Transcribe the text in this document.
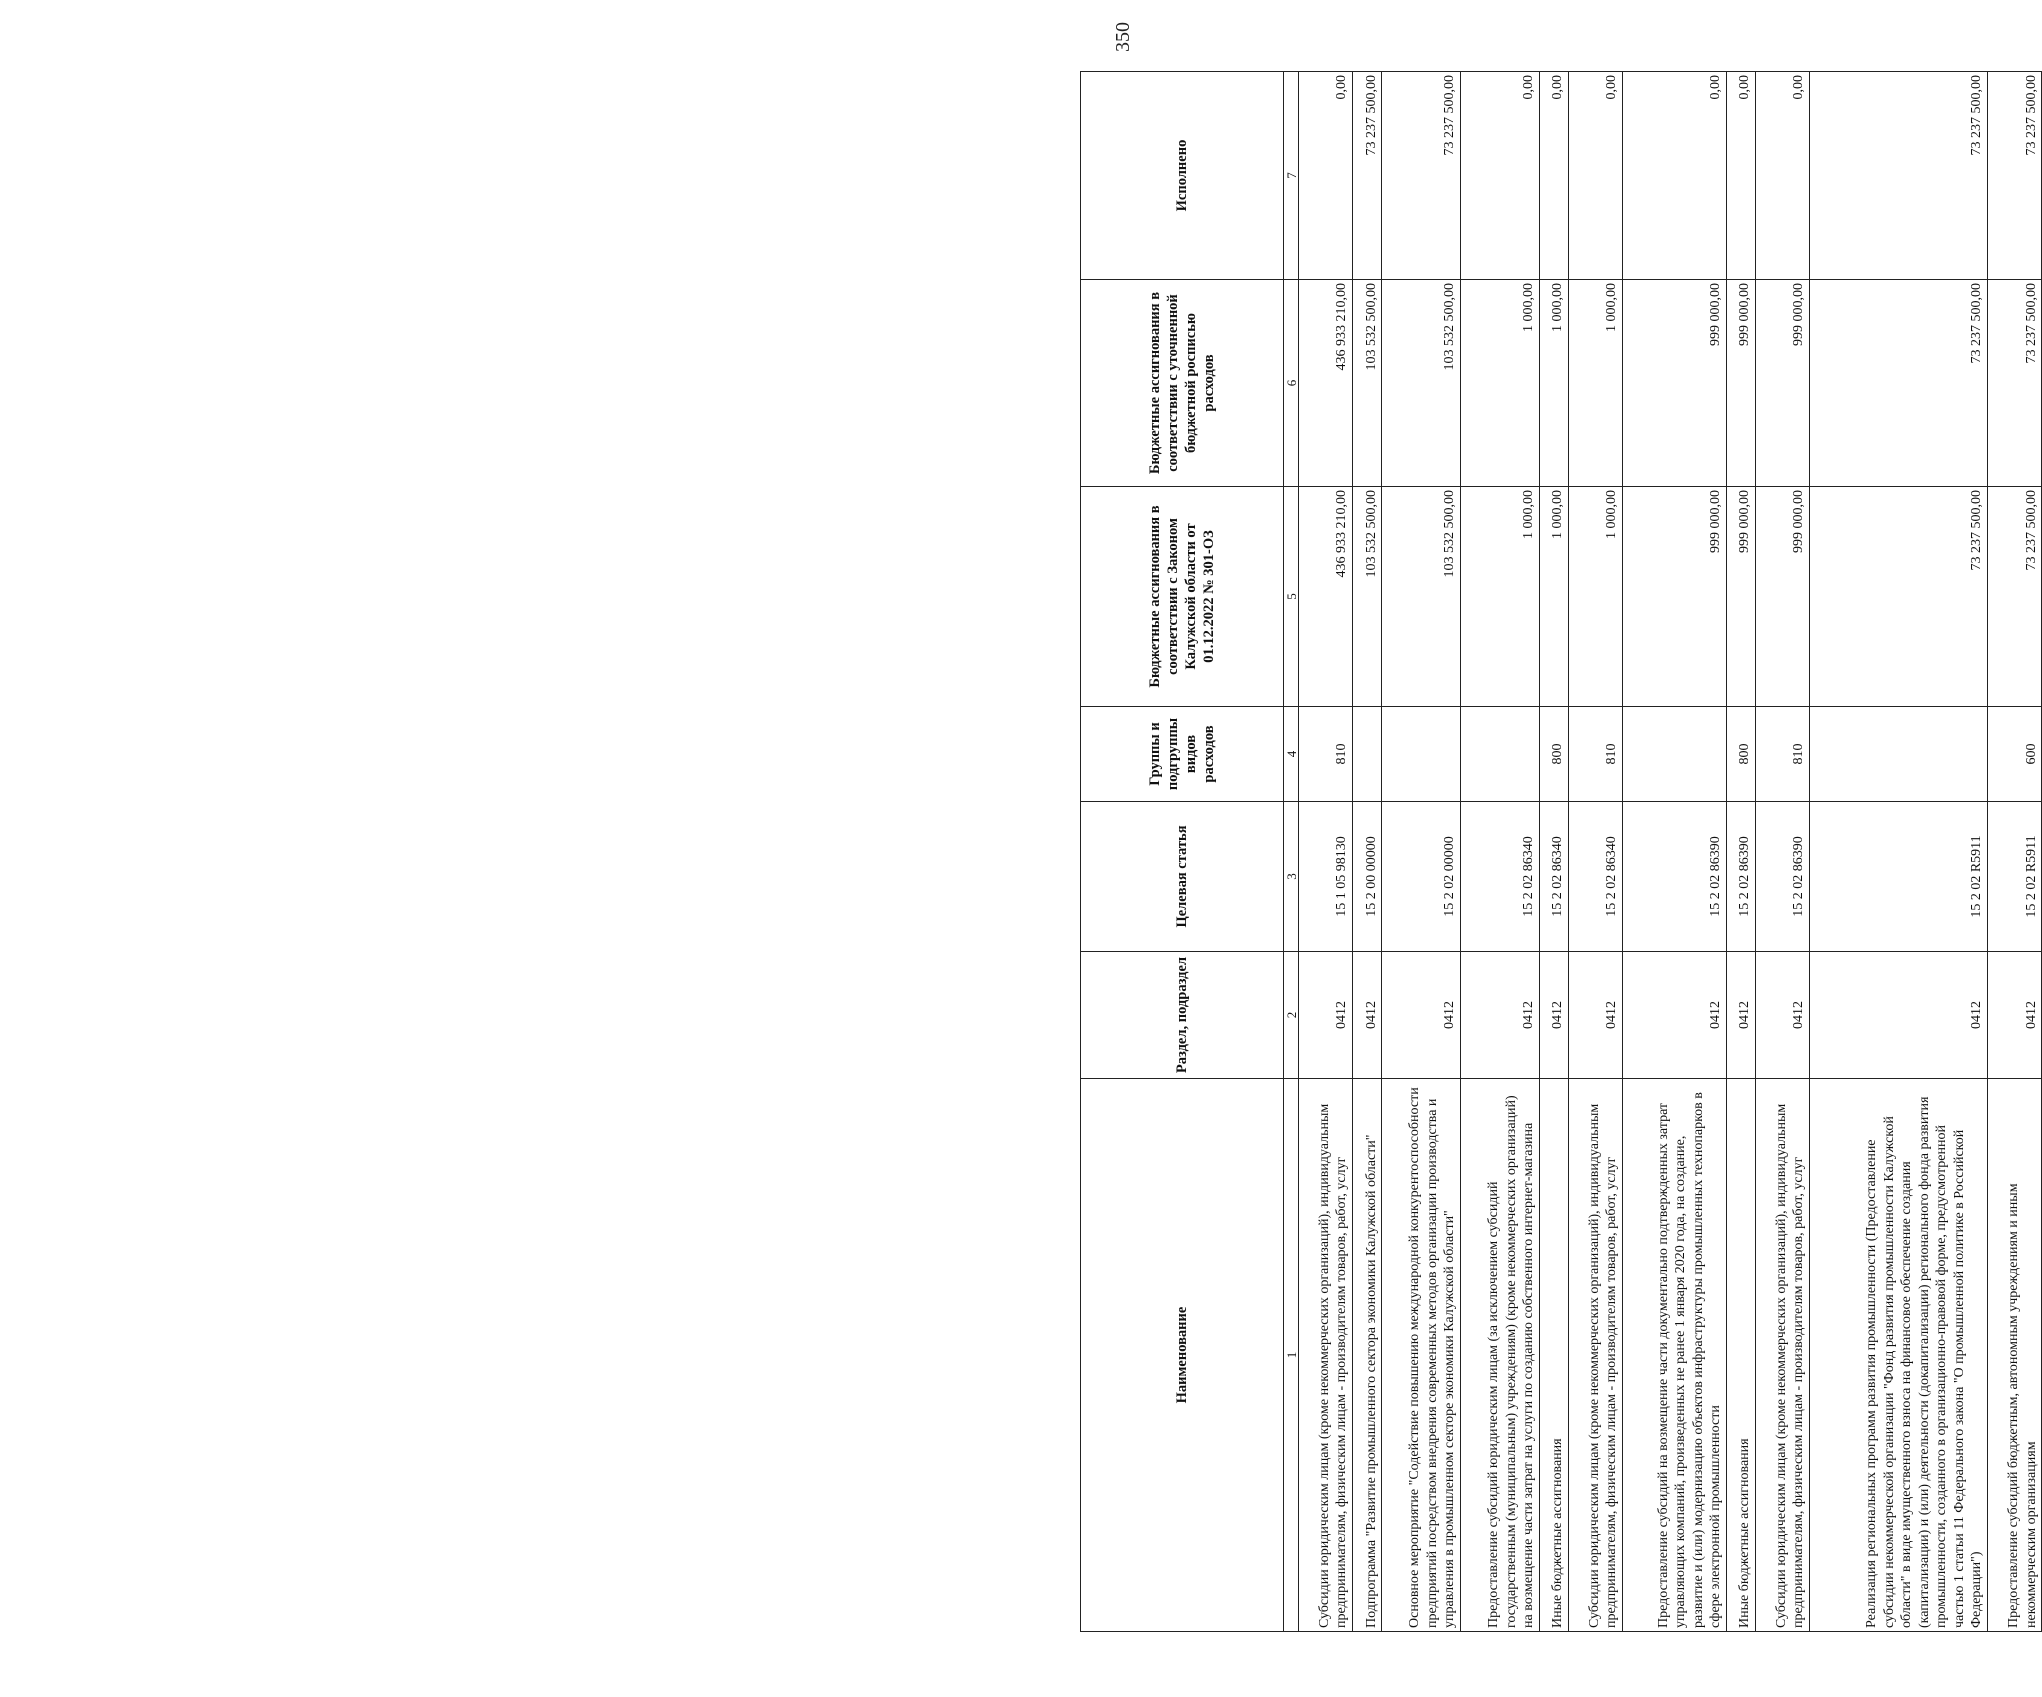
350
Наименование	Раздел, подраздел	Целевая статья	Группы и подгруппы видов расходов	Бюджетные ассигнования в соответствии с Законом Калужской области от 01.12.2022 № 301-ОЗ	Бюджетные ассигнования в соответствии с уточненной бюджетной росписью расходов	Исполнено
1	2	3	4	5	6	7
Субсидии юридическим лицам (кроме некоммерческих организаций), индивидуальным предпринимателям, физическим лицам - производителям товаров, работ, услуг	0412	15 1 05 98130	810	436 933 210,00	436 933 210,00	0,00
Подпрограмма "Развитие промышленного сектора экономики Калужской области"	0412	15 2 00 00000		103 532 500,00	103 532 500,00	73 237 500,00
Основное мероприятие "Содействие повышению международной конкурентоспособности предприятий посредством внедрения современных методов организации производства и управления в промышленном секторе экономики Калужской области"	0412	15 2 02 00000		103 532 500,00	103 532 500,00	73 237 500,00
Предоставление субсидий юридическим лицам (за исключением субсидий государственным (муниципальным) учреждениям) (кроме некоммерческих организаций) на возмещение части затрат на услуги по созданию собственного интернет-магазина	0412	15 2 02 86340		1 000,00	1 000,00	0,00
Иные бюджетные ассигнования	0412	15 2 02 86340	800	1 000,00	1 000,00	0,00
Субсидии юридическим лицам (кроме некоммерческих организаций), индивидуальным предпринимателям, физическим лицам - производителям товаров, работ, услуг	0412	15 2 02 86340	810	1 000,00	1 000,00	0,00
Предоставление субсидий на возмещение части документально подтвержденных затрат управляющих компаний, произведенных не ранее 1 января 2020 года, на создание, развитие и (или) модернизацию объектов инфраструктуры промышленных технопарков в сфере электронной промышленности	0412	15 2 02 86390		999 000,00	999 000,00	0,00
Иные бюджетные ассигнования	0412	15 2 02 86390	800	999 000,00	999 000,00	0,00
Субсидии юридическим лицам (кроме некоммерческих организаций), индивидуальным предпринимателям, физическим лицам - производителям товаров, работ, услуг	0412	15 2 02 86390	810	999 000,00	999 000,00	0,00
Реализация региональных программ развития промышленности (Предоставление субсидии некоммерческой организации "Фонд развития промышленности Калужской области" в виде имущественного взноса на финансовое обеспечение создания (капитализации) и (или) деятельности (докапитализации) регионального фонда развития промышленности, созданного в организационно-правовой форме, предусмотренной частью 1 статьи 11 Федерального закона "О промышленной политике в Российской Федерации")	0412	15 2 02 R5911		73 237 500,00	73 237 500,00	73 237 500,00
Предоставление субсидий бюджетным, автономным учреждениям и иным некоммерческим организациям	0412	15 2 02 R5911	600	73 237 500,00	73 237 500,00	73 237 500,00
